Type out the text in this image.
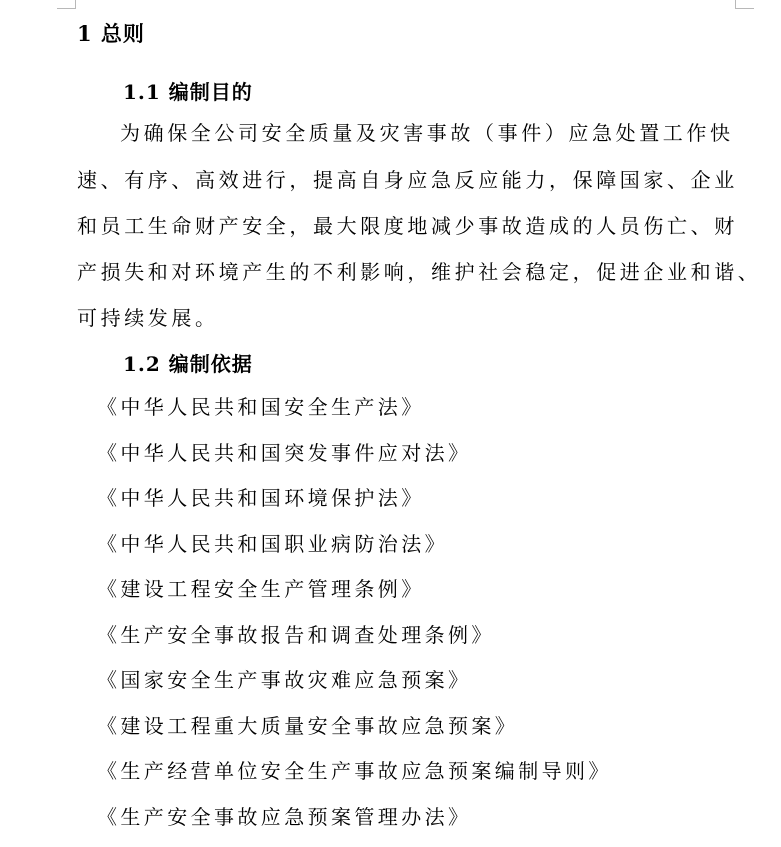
1 总则
1.1 编制目的
为确保全公司安全质量及灾害事故（事件）应急处置工作快
速、有序、高效进行，提高自身应急反应能力，保障国家、企业
和员工生命财产安全，最大限度地减少事故造成的人员伤亡、财
产损失和对环境产生的不利影响，维护社会稳定，促进企业和谐、
可持续发展。
1.2 编制依据
《中华人民共和国安全生产法》
《中华人民共和国突发事件应对法》
《中华人民共和国环境保护法》
《中华人民共和国职业病防治法》
《建设工程安全生产管理条例》
《生产安全事故报告和调查处理条例》
《国家安全生产事故灾难应急预案》
《建设工程重大质量安全事故应急预案》
《生产经营单位安全生产事故应急预案编制导则》
《生产安全事故应急预案管理办法》
